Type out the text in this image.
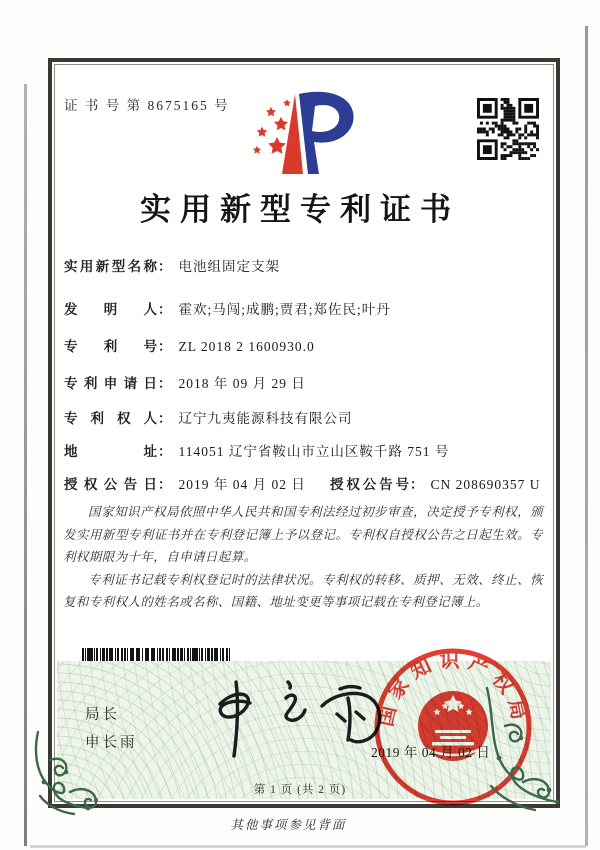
证 书 号 第 8675165 号
实用新型专利证书
实用新型名称： 电池组固定支架
发明人： 霍欢;马闯;成鹏;贾君;郑佐民;叶丹
专利号： ZL 2018 2 1600930.0
专利申请日： 2018 年 09 月 29 日
专利权人： 辽宁九夷能源科技有限公司
地址： 114051 辽宁省鞍山市立山区鞍千路 751 号
授权公告日： 2019 年 04 月 02 日 授权公告号： CN 208690357 U

国家知识产权局依照中华人民共和国专利法经过初步审查，决定授予专利权，颁发实用新型专利证书并在专利登记簿上予以登记。专利权自授权公告之日起生效。专利权期限为十年，自申请日起算。

专利证书记载专利权登记时的法律状况。专利权的转移、质押、无效、终止、恢复和专利权人的姓名或名称、国籍、地址变更等事项记载在专利登记簿上。

局长
申长雨
国家知识产权局
2019 年 04 月 02 日
第 1 页 (共 2 页)
其他事项参见背面
